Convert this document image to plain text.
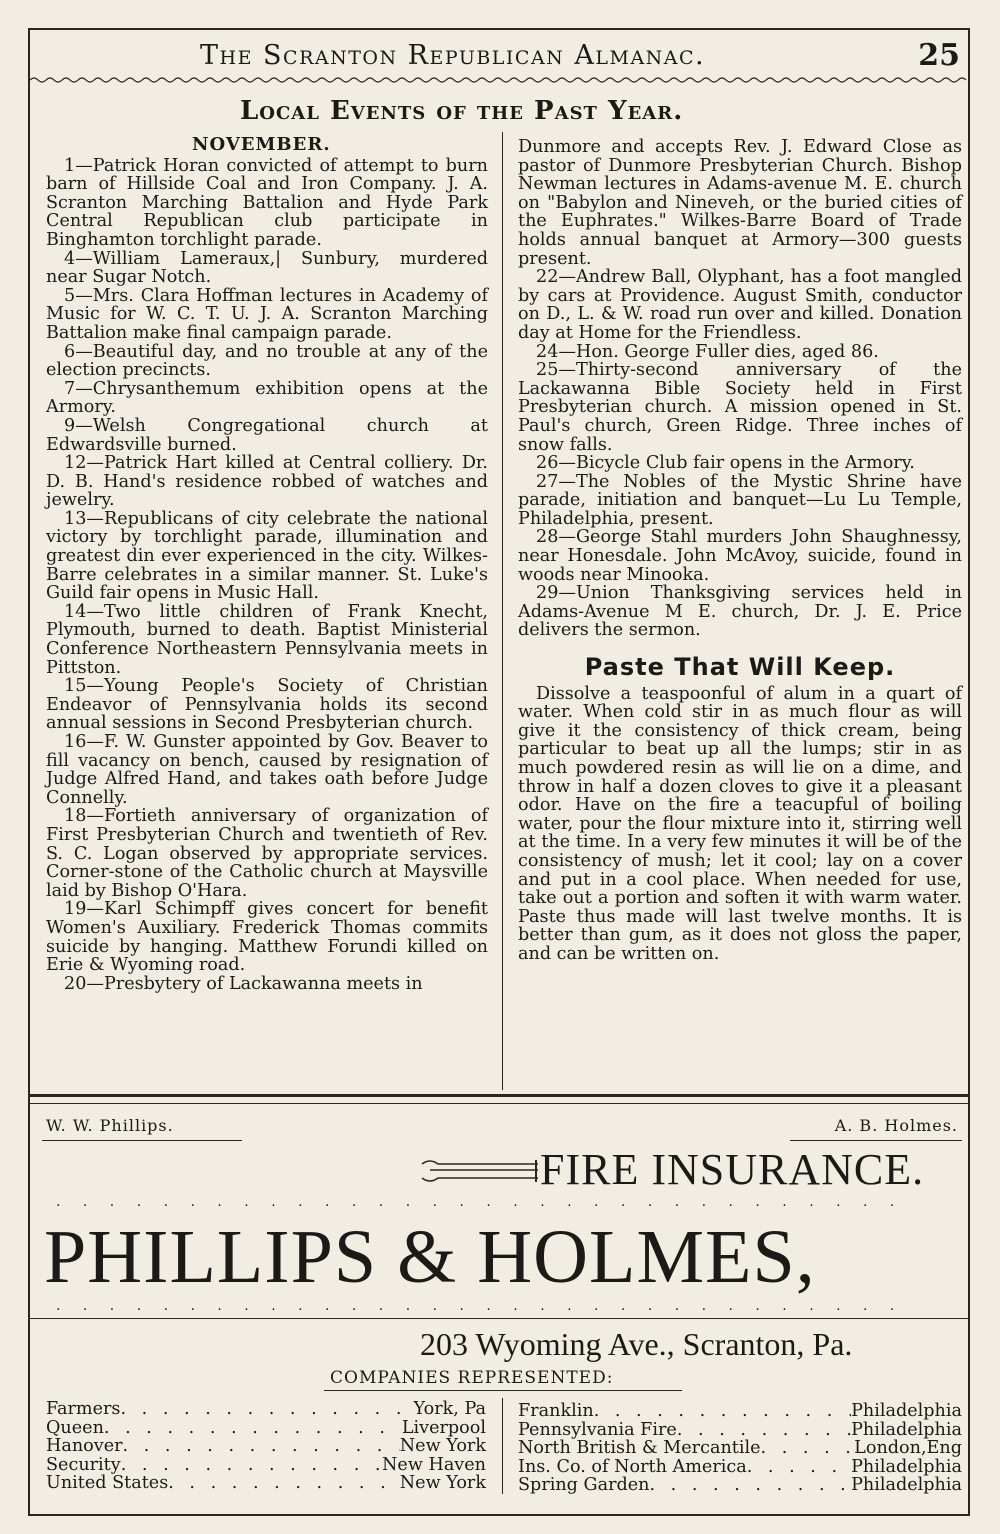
The Scranton Republican Almanac.	25
Local Events of the Past Year.
NOVEMBER.

1—Patrick Horan convicted of attempt to burn barn of Hillside Coal and Iron Company. J. A. Scranton Marching Battalion and Hyde Park Central Republican club participate in Binghamton torchlight parade.

4—William Lameraux,| Sunbury, murdered near Sugar Notch.

5—Mrs. Clara Hoffman lectures in Academy of Music for W. C. T. U. J. A. Scranton Marching Battalion make final campaign parade.

6—Beautiful day, and no trouble at any of the election precincts.

7—Chrysanthemum exhibition opens at the Armory.

9—Welsh Congregational church at Edwardsville burned.

12—Patrick Hart killed at Central colliery. Dr. D. B. Hand's residence robbed of watches and jewelry.

13—Republicans of city celebrate the national victory by torchlight parade, illumination and greatest din ever experienced in the city. Wilkes-Barre celebrates in a similar manner. St. Luke's Guild fair opens in Music Hall.

14—Two little children of Frank Knecht, Plymouth, burned to death. Baptist Ministerial Conference Northeastern Pennsylvania meets in Pittston.

15—Young People's Society of Christian Endeavor of Pennsylvania holds its second annual sessions in Second Presbyterian church.

16—F. W. Gunster appointed by Gov. Beaver to fill vacancy on bench, caused by resignation of Judge Alfred Hand, and takes oath before Judge Connelly.

18—Fortieth anniversary of organization of First Presbyterian Church and twentieth of Rev. S. C. Logan observed by appropriate services. Corner-stone of the Catholic church at Maysville laid by Bishop O'Hara.

19—Karl Schimpff gives concert for benefit Women's Auxiliary. Frederick Thomas commits suicide by hanging. Matthew Forundi killed on Erie & Wyoming road.

20—Presbytery of Lackawanna meets in

Dunmore and accepts Rev. J. Edward Close as pastor of Dunmore Presbyterian Church. Bishop Newman lectures in Adams-avenue M. E. church on "Babylon and Nineveh, or the buried cities of the Euphrates." Wilkes-Barre Board of Trade holds annual banquet at Armory—300 guests present.

22—Andrew Ball, Olyphant, has a foot mangled by cars at Providence. August Smith, conductor on D., L. & W. road run over and killed. Donation day at Home for the Friendless.

24—Hon. George Fuller dies, aged 86.

25—Thirty-second anniversary of the Lackawanna Bible Society held in First Presbyterian church. A mission opened in St. Paul's church, Green Ridge. Three inches of snow falls.

26—Bicycle Club fair opens in the Armory.

27—The Nobles of the Mystic Shrine have parade, initiation and banquet—Lu Lu Temple, Philadelphia, present.

28—George Stahl murders John Shaughnessy, near Honesdale. John McAvoy, suicide, found in woods near Minooka.

29—Union Thanksgiving services held in Adams-Avenue M E. church, Dr. J. E. Price delivers the sermon.

Paste That Will Keep.

Dissolve a teaspoonful of alum in a quart of water. When cold stir in as much flour as will give it the consistency of thick cream, being particular to beat up all the lumps; stir in as much powdered resin as will lie on a dime, and throw in half a dozen cloves to give it a pleasant odor. Have on the fire a teacupful of boiling water, pour the flour mixture into it, stirring well at the time. In a very few minutes it will be of the consistency of mush; let it cool; lay on a cover and put in a cool place. When needed for use, take out a portion and soften it with warm water. Paste thus made will last twelve months. It is better than gum, as it does not gloss the paper, and can be written on.

W. W. Phillips.	A. B. Holmes.
FIRE INSURANCE.
. . . . . . . . . . . . . . . . . . . . . . . . . . . . . . . .
PHILLIPS & HOLMES,
. . . . . . . . . . . . . . . . . . . . . . . . . . . . . . . .
203 Wyoming Ave., Scranton, Pa.
COMPANIES REPRESENTED:
Farmers . . .	York, Pa
Queen . . .	Liverpool
Hanover . . .	New York
Security . . .	New Haven
United States . . .	New York
Franklin . . .	Philadelphia
Pennsylvania Fire . . .	Philadelphia
North British & Mercantile . . .	London,Eng
Ins. Co. of North America . . .	Philadelphia
Spring Garden . . .	Philadelphia
